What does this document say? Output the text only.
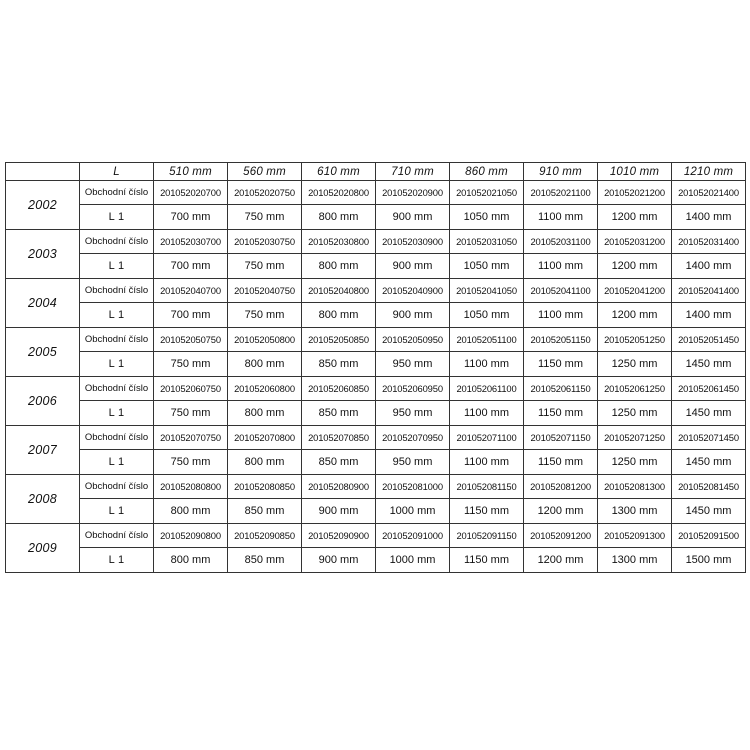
	L	510 mm	560 mm	610 mm	710 mm	860 mm	910 mm	1010 mm	1210 mm
2002	Obchodní číslo	201052020700	201052020750	201052020800	201052020900	201052021050	201052021100	201052021200	201052021400
	L 1	700 mm	750 mm	800 mm	900 mm	1050 mm	1100 mm	1200 mm	1400 mm
2003	Obchodní číslo	201052030700	201052030750	201052030800	201052030900	201052031050	201052031100	201052031200	201052031400
	L 1	700 mm	750 mm	800 mm	900 mm	1050 mm	1100 mm	1200 mm	1400 mm
2004	Obchodní číslo	201052040700	201052040750	201052040800	201052040900	201052041050	201052041100	201052041200	201052041400
	L 1	700 mm	750 mm	800 mm	900 mm	1050 mm	1100 mm	1200 mm	1400 mm
2005	Obchodní číslo	201052050750	201052050800	201052050850	201052050950	201052051100	201052051150	201052051250	201052051450
	L 1	750 mm	800 mm	850 mm	950 mm	1100 mm	1150 mm	1250 mm	1450 mm
2006	Obchodní číslo	201052060750	201052060800	201052060850	201052060950	201052061100	201052061150	201052061250	201052061450
	L 1	750 mm	800 mm	850 mm	950 mm	1100 mm	1150 mm	1250 mm	1450 mm
2007	Obchodní číslo	201052070750	201052070800	201052070850	201052070950	201052071100	201052071150	201052071250	201052071450
	L 1	750 mm	800 mm	850 mm	950 mm	1100 mm	1150 mm	1250 mm	1450 mm
2008	Obchodní číslo	201052080800	201052080850	201052080900	201052081000	201052081150	201052081200	201052081300	201052081450
	L 1	800 mm	850 mm	900 mm	1000 mm	1150 mm	1200 mm	1300 mm	1450 mm
2009	Obchodní číslo	201052090800	201052090850	201052090900	201052091000	201052091150	201052091200	201052091300	201052091500
	L 1	800 mm	850 mm	900 mm	1000 mm	1150 mm	1200 mm	1300 mm	1500 mm
